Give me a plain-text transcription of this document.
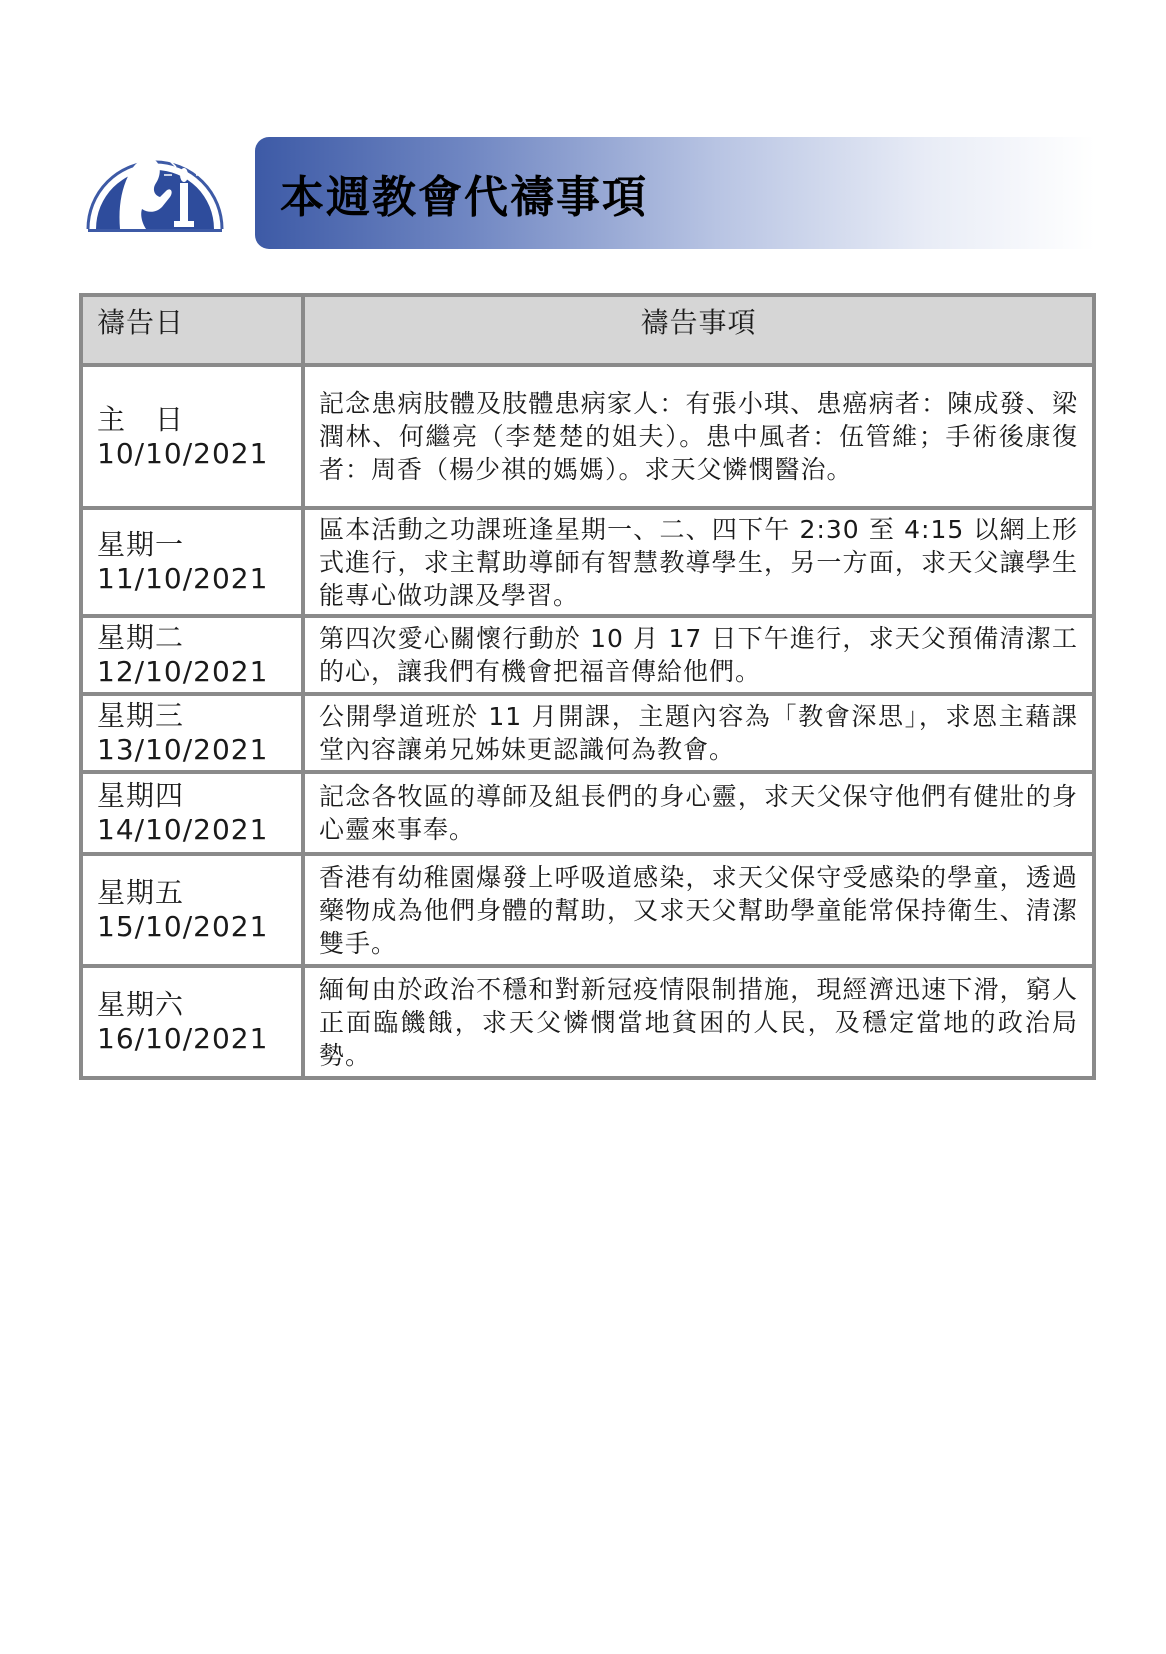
本週教會代禱事項
禱告日	禱告事項

主　日
10/10/2021	記念患病肢體及肢體患病家人：有張小琪、患癌病者：陳成發、梁潤林、何繼亮（李楚楚的姐夫）。患中風者：伍管維；手術後康復者：周香（楊少祺的媽媽）。求天父憐憫醫治。

星期一
11/10/2021	區本活動之功課班逢星期一、二、四下午 2:30 至 4:15 以網上形式進行，求主幫助導師有智慧教導學生，另一方面，求天父讓學生能專心做功課及學習。

星期二
12/10/2021	第四次愛心關懷行動於 10 月 17 日下午進行，求天父預備清潔工的心，讓我們有機會把福音傳給他們。

星期三
13/10/2021	公開學道班於 11 月開課，主題內容為「教會深思」，求恩主藉課堂內容讓弟兄姊妹更認識何為教會。

星期四
14/10/2021	記念各牧區的導師及組長們的身心靈，求天父保守他們有健壯的身心靈來事奉。

星期五
15/10/2021	香港有幼稚園爆發上呼吸道感染，求天父保守受感染的學童，透過藥物成為他們身體的幫助，又求天父幫助學童能常保持衛生、清潔雙手。

星期六
16/10/2021	緬甸由於政治不穩和對新冠疫情限制措施，現經濟迅速下滑，窮人正面臨饑餓，求天父憐憫當地貧困的人民，及穩定當地的政治局勢。
